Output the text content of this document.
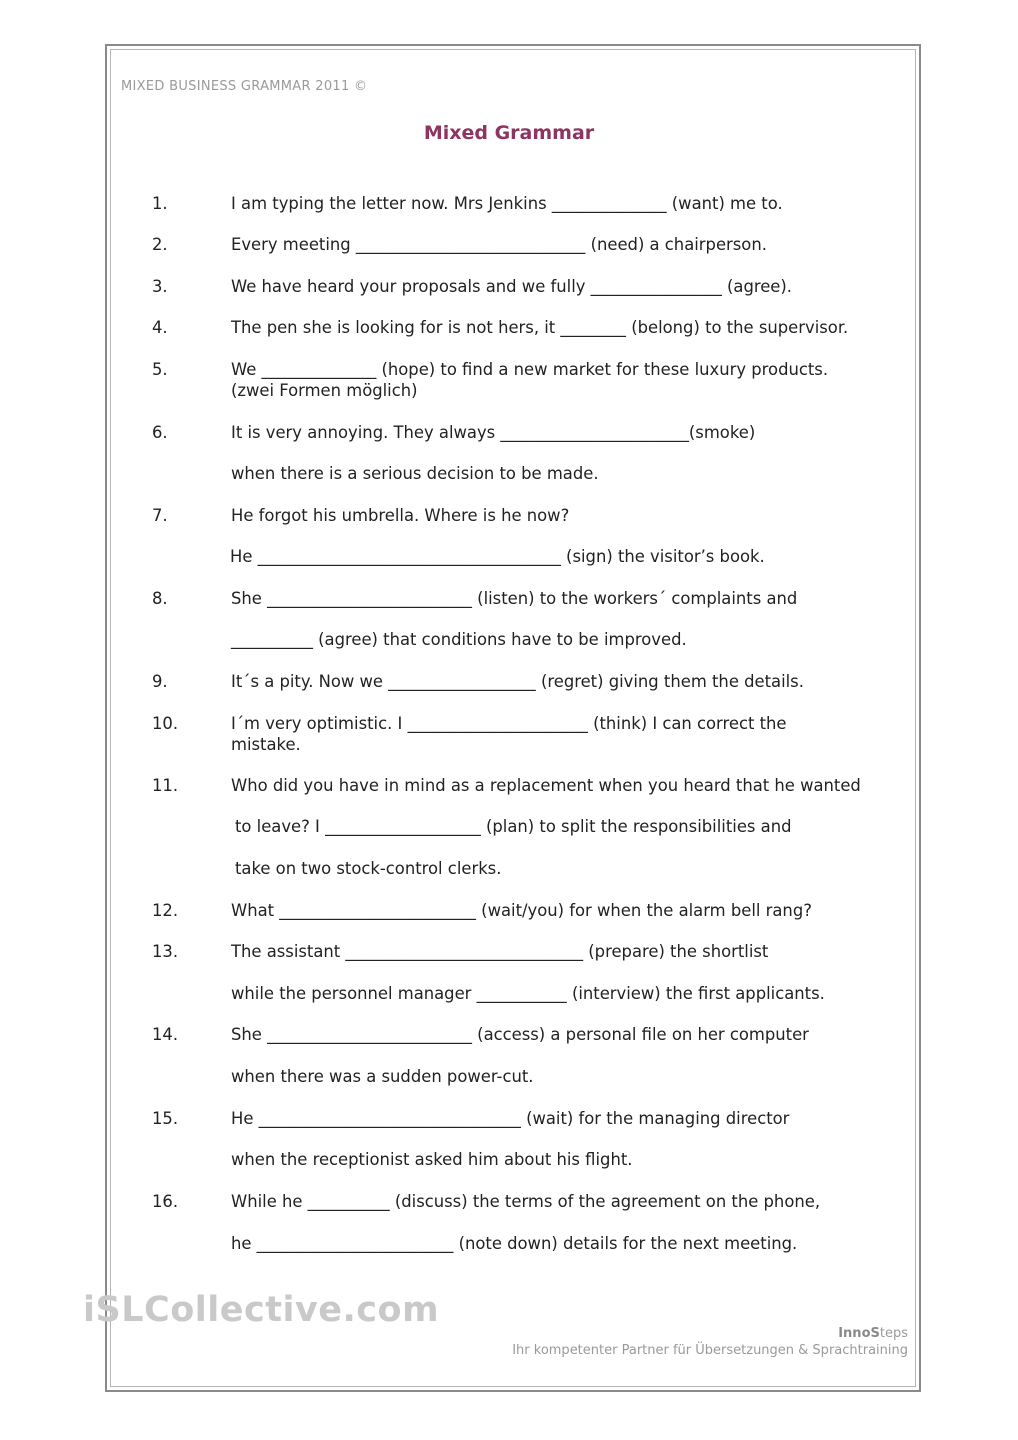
MIXED BUSINESS GRAMMAR 2011 ©
Mixed Grammar
1.	I am typing the letter now. Mrs Jenkins ______________ (want) me to.
2.	Every meeting ____________________________ (need) a chairperson.
3.	We have heard your proposals and we fully ________________ (agree).
4.	The pen she is looking for is not hers, it ________ (belong) to the supervisor.
5.	We ______________ (hope) to find a new market for these luxury products.
(zwei Formen möglich)
6.	It is very annoying. They always _______________________(smoke)
when there is a serious decision to be made.
7.	He forgot his umbrella. Where is he now?
He _____________________________________ (sign) the visitor’s book.
8.	She _________________________ (listen) to the workers´ complaints and
__________ (agree) that conditions have to be improved.
9.	It´s a pity. Now we __________________ (regret) giving them the details.
10.	I´m very optimistic. I ______________________ (think) I can correct the
mistake.
11.	Who did you have in mind as a replacement when you heard that he wanted
to leave? I ___________________ (plan) to split the responsibilities and
take on two stock-control clerks.
12.	What ________________________ (wait/you) for when the alarm bell rang?
13.	The assistant _____________________________ (prepare) the shortlist
while the personnel manager ___________ (interview) the first applicants.
14.	She _________________________ (access) a personal file on her computer
when there was a sudden power-cut.
15.	He ________________________________ (wait) for the managing director
when the receptionist asked him about his flight.
16.	While he __________ (discuss) the terms of the agreement on the phone,
he ________________________ (note down) details for the next meeting.
iSLCollective.com
InnoSteps
Ihr kompetenter Partner für Übersetzungen & Sprachtraining
